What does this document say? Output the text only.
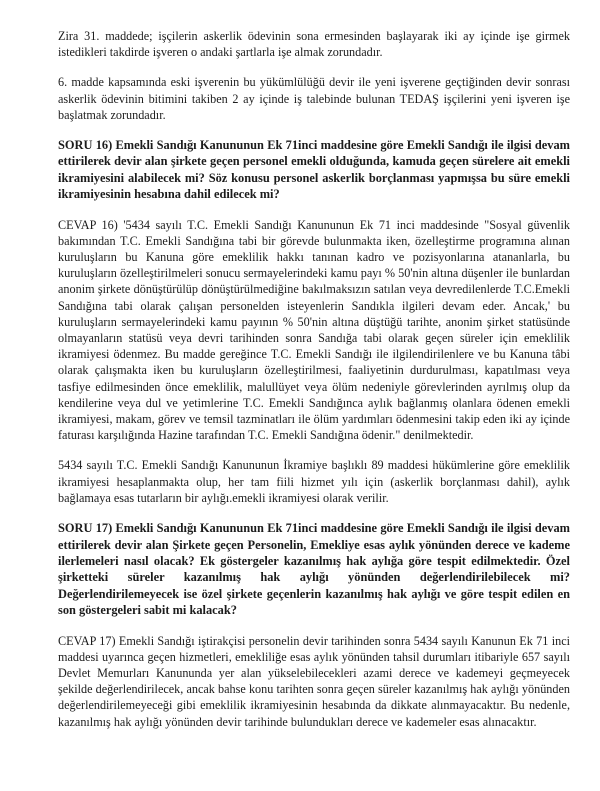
Zira 31. maddede; işçilerin askerlik ödevinin sona ermesinden başlayarak iki ay içinde işe girmek istedikleri takdirde işveren o andaki şartlarla işe almak zorundadır.

6. madde kapsamında eski işverenin bu yükümlülüğü devir ile yeni işverene geçtiğinden devir sonrası askerlik ödevinin bitimini takiben 2 ay içinde iş talebinde bulunan TEDAŞ işçilerini yeni işveren işe başlatmak zorundadır.

SORU 16) Emekli Sandığı Kanununun Ek 71inci maddesine göre Emekli Sandığı ile ilgisi devam ettirilerek devir alan şirkete geçen personel emekli olduğunda, kamuda geçen sürelere ait emekli ikramiyesini alabilecek mi? Söz konusu personel askerlik borçlanması yapmışsa bu süre emekli ikramiyesinin hesabına dahil edilecek mi?

CEVAP 16) '5434 sayılı T.C. Emekli Sandığı Kanununun Ek 71 inci maddesinde "Sosyal güvenlik bakımından T.C. Emekli Sandığına tabi bir görevde bulunmakta iken, özelleştirme programına alınan kuruluşların bu Kanuna göre emeklilik hakkı tanınan kadro ve pozisyonlarına atananlarla, bu kuruluşların özelleştirilmeleri sonucu sermayelerindeki kamu payı % 50'nin altına düşenler ile bunlardan anonim şirkete dönüştürülüp dönüştürülmediğine bakılmaksızın satılan veya devredilenlerde T.C.Emekli Sandığına tabi olarak çalışan personelden isteyenlerin Sandıkla ilgileri devam eder. Ancak,' bu kuruluşların sermayelerindeki kamu payının % 50'nin altına düştüğü tarihte, anonim şirket statüsünde olmayanların statüsü veya devri tarihinden sonra Sandığa tabi olarak geçen süreler için emeklilik ikramiyesi ödenmez. Bu madde gereğince T.C. Emekli Sandığı ile ilgilendirilenlere ve bu Kanuna tâbi olarak çalışmakta iken bu kuruluşların özelleştirilmesi, faaliyetinin durdurulması, kapatılması veya tasfiye edilmesinden önce emeklilik, malullüyet veya ölüm nedeniyle görevlerinden ayrılmış olup da kendilerine veya dul ve yetimlerine T.C. Emekli Sandığınca aylık bağlanmış olanlara ödenen emekli ikramiyesi, makam, görev ve temsil tazminatları ile ölüm yardımları ödenmesini takip eden iki ay içinde faturası karşılığında Hazine tarafından T.C. Emekli Sandığına ödenir." denilmektedir.

5434 sayılı T.C. Emekli Sandığı Kanununun İkramiye başlıklı 89 maddesi hükümlerine göre emeklilik ikramiyesi hesaplanmakta olup, her tam fiili hizmet yılı için (askerlik borçlanması dahil), aylık bağlamaya esas tutarların bir aylığı.emekli ikramiyesi olarak verilir.

SORU 17) Emekli Sandığı Kanununun Ek 71inci maddesine göre Emekli Sandığı ile ilgisi devam ettirilerek devir alan Şirkete geçen Personelin, Emekliye esas aylık yönünden derece ve kademe ilerlemeleri nasıl olacak? Ek göstergeler kazanılmış hak aylığa göre tespit edilmektedir. Özel şirketteki süreler kazanılmış hak aylığı yönünden değerlendirilebilecek mi? Değerlendirilemeyecek ise özel şirkete geçenlerin kazanılmış hak aylığı ve göre tespit edilen en son göstergeleri sabit mi kalacak?

CEVAP 17) Emekli Sandığı iştirakçisi personelin devir tarihinden sonra 5434 sayılı Kanunun Ek 71 inci maddesi uyarınca geçen hizmetleri, emekliliğe esas aylık yönünden tahsil durumları itibariyle 657 sayılı Devlet Memurları Kanununda yer alan yükselebilecekleri azami derece ve kademeyi geçmeyecek şekilde değerlendirilecek, ancak bahse konu tarihten sonra geçen süreler kazanılmış hak aylığı yönünden değerlendirilemeyeceği gibi emeklilik ikramiyesinin hesabında da dikkate alınmayacaktır. Bu nedenle, kazanılmış hak aylığı yönünden devir tarihinde bulundukları derece ve kademeler esas alınacaktır.
